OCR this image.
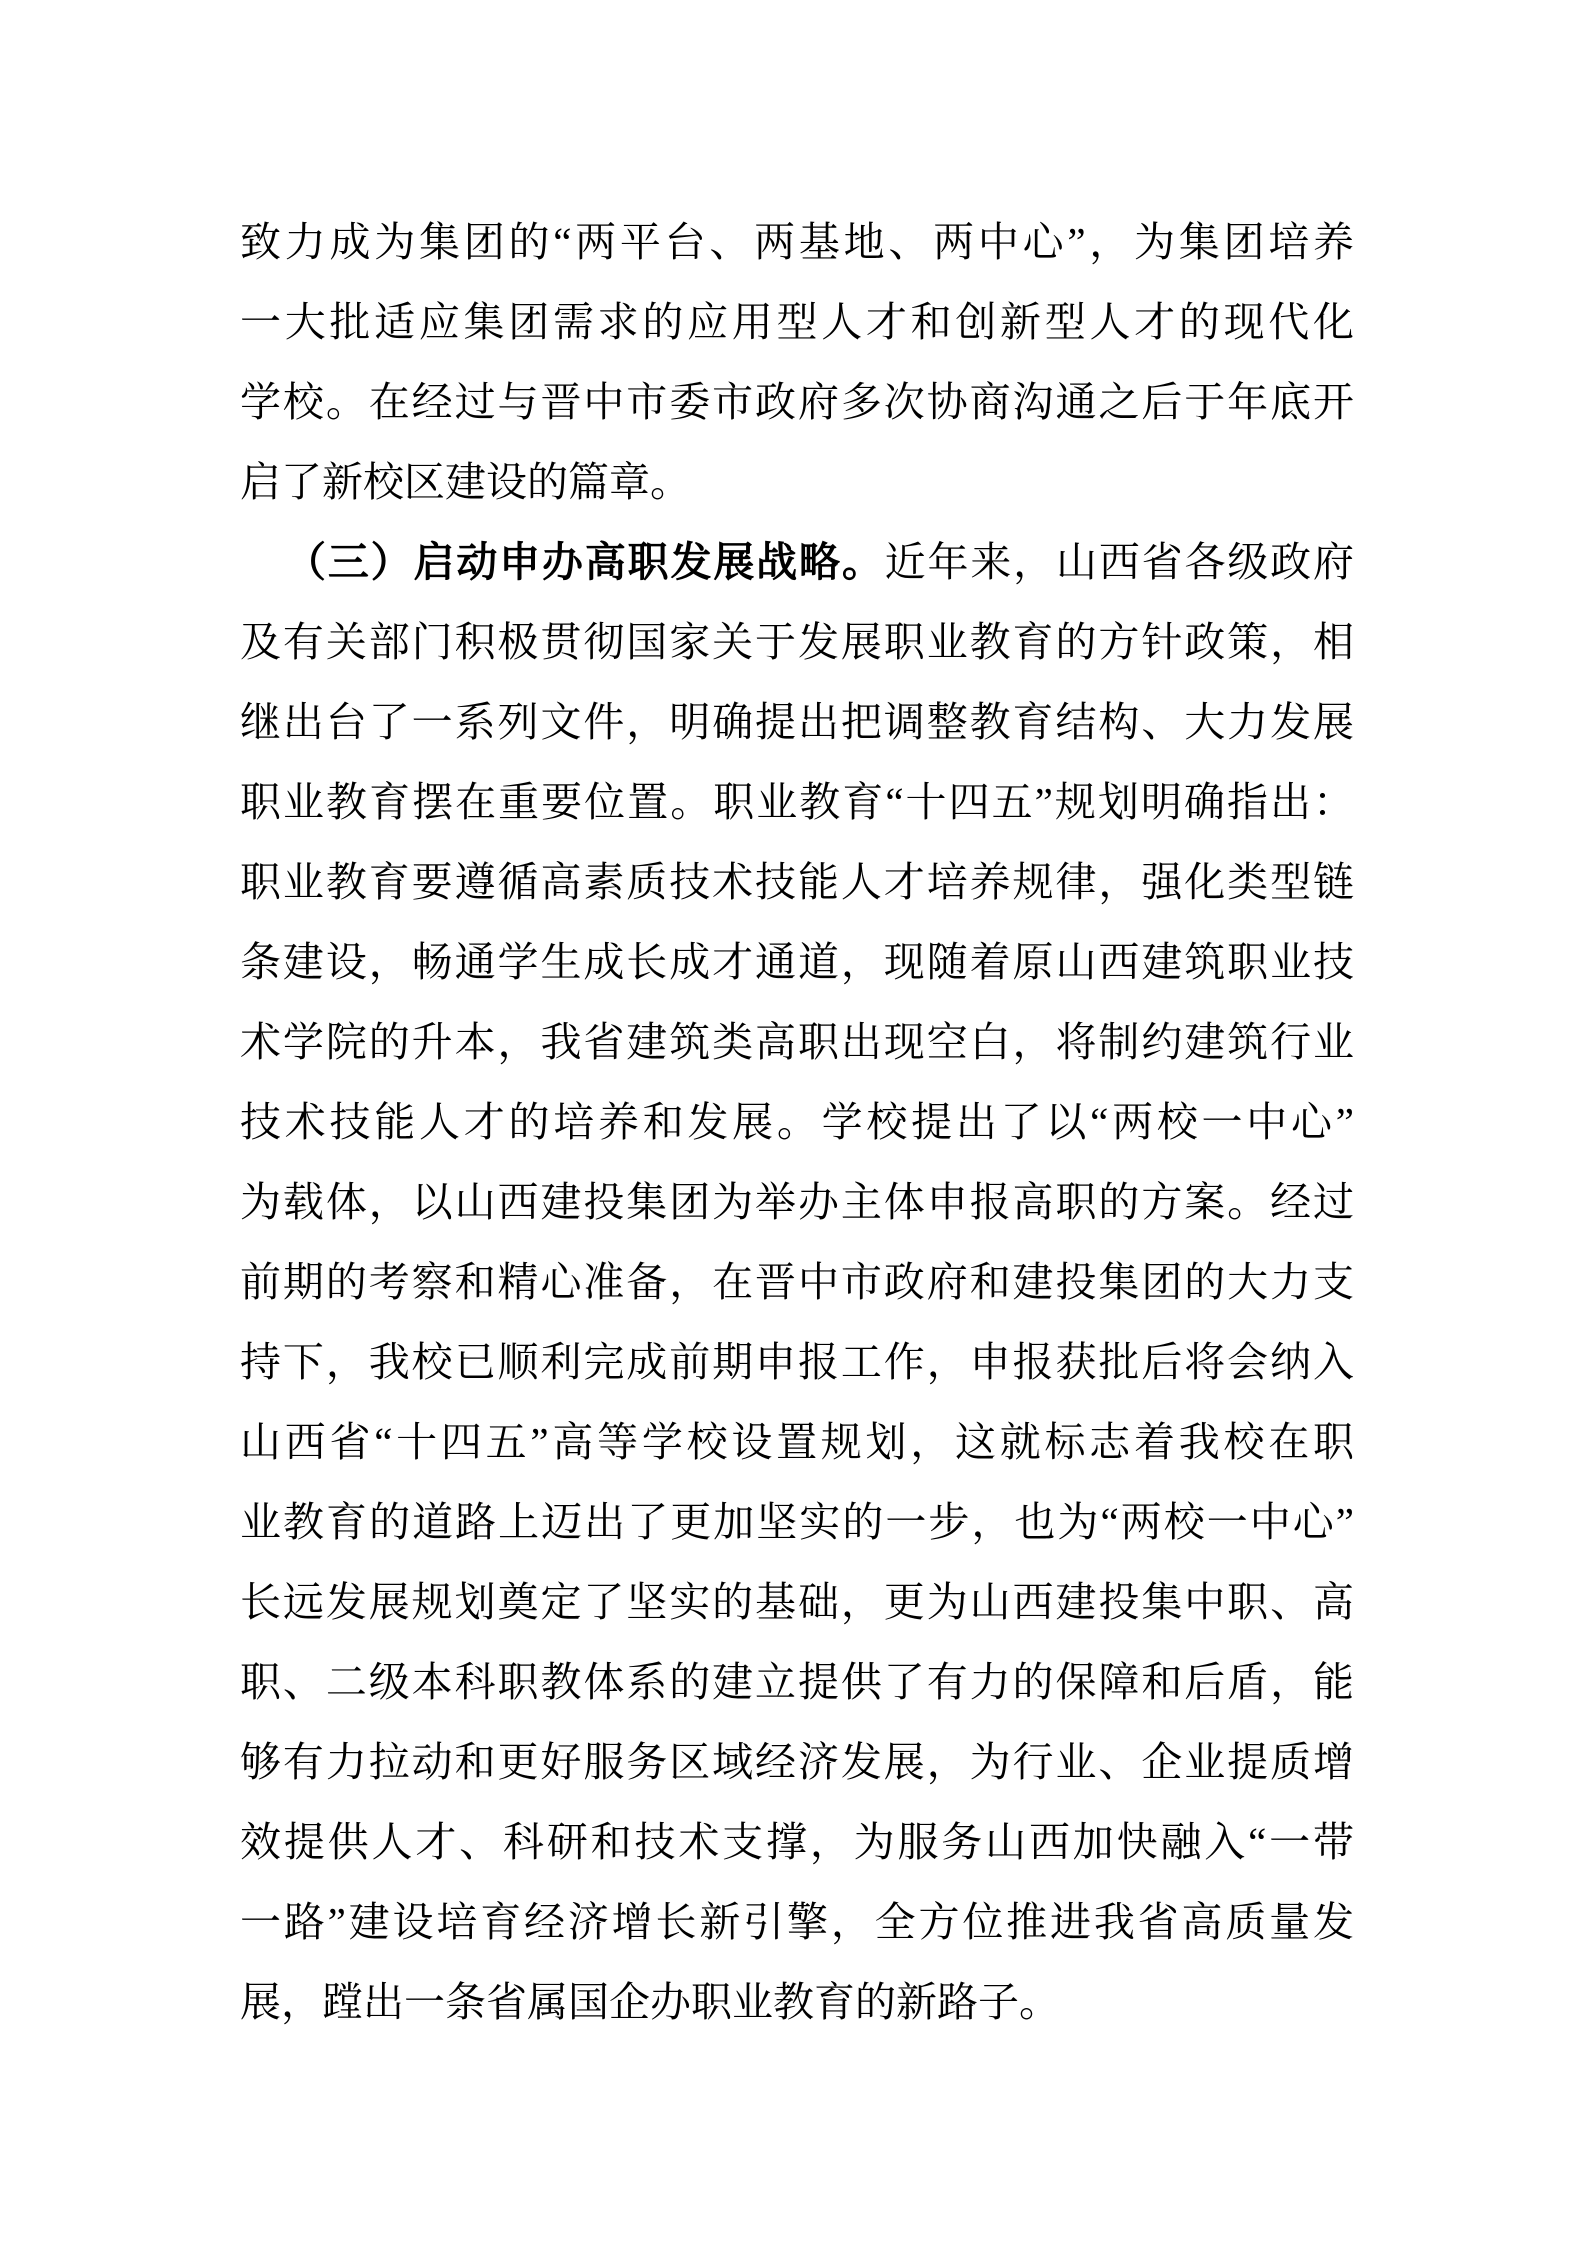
致力成为集团的“两平台、两基地、两中心”，为集团培养
一大批适应集团需求的应用型人才和创新型人才的现代化
学校。在经过与晋中市委市政府多次协商沟通之后于年底开
启了新校区建设的篇章。
（三）启动申办高职发展战略。近年来，山西省各级政府
及有关部门积极贯彻国家关于发展职业教育的方针政策，相
继出台了一系列文件，明确提出把调整教育结构、大力发展
职业教育摆在重要位置。职业教育“十四五”规划明确指出：
职业教育要遵循高素质技术技能人才培养规律，强化类型链
条建设，畅通学生成长成才通道，现随着原山西建筑职业技
术学院的升本，我省建筑类高职出现空白，将制约建筑行业
技术技能人才的培养和发展。学校提出了以“两校一中心”
为载体，以山西建投集团为举办主体申报高职的方案。经过
前期的考察和精心准备，在晋中市政府和建投集团的大力支
持下，我校已顺利完成前期申报工作，申报获批后将会纳入
山西省“十四五”高等学校设置规划，这就标志着我校在职
业教育的道路上迈出了更加坚实的一步，也为“两校一中心”
长远发展规划奠定了坚实的基础，更为山西建投集中职、高
职、二级本科职教体系的建立提供了有力的保障和后盾，能
够有力拉动和更好服务区域经济发展，为行业、企业提质增
效提供人才、科研和技术支撑，为服务山西加快融入“一带
一路”建设培育经济增长新引擎，全方位推进我省高质量发
展，蹚出一条省属国企办职业教育的新路子。
